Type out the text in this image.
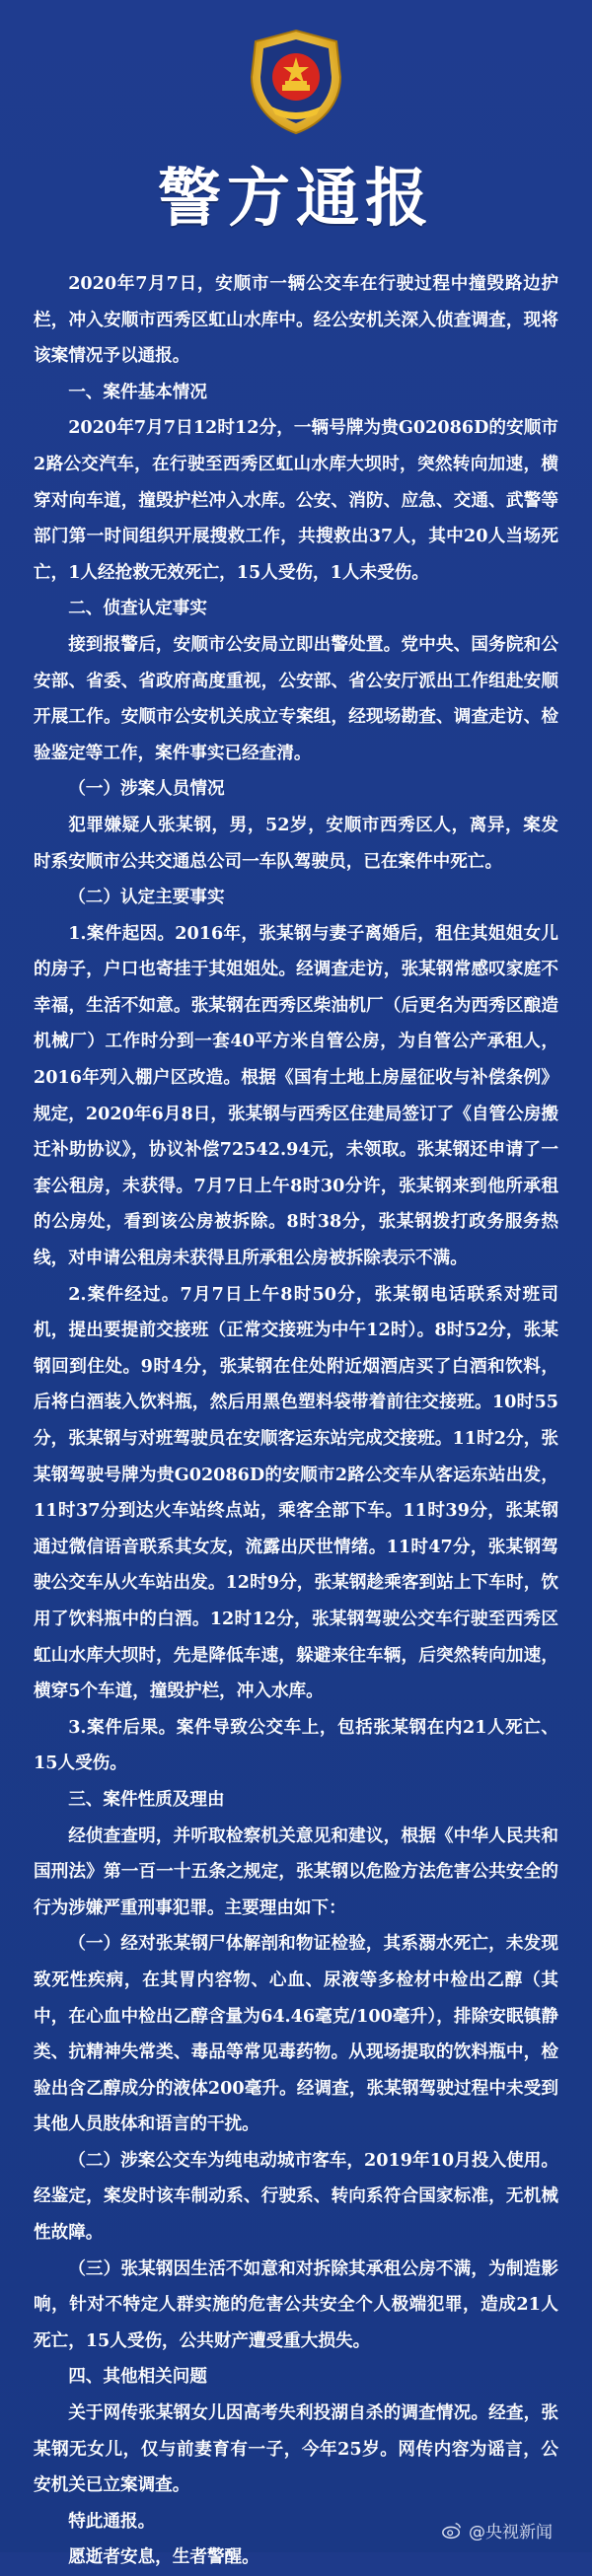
警方通报

2020年7月7日，安顺市一辆公交车在行驶过程中撞毁路边护栏，冲入安顺市西秀区虹山水库中。经公安机关深入侦查调查，现将该案情况予以通报。

一、案件基本情况

2020年7月7日12时12分，一辆号牌为贵G02086D的安顺市2路公交汽车，在行驶至西秀区虹山水库大坝时，突然转向加速，横穿对向车道，撞毁护栏冲入水库。公安、消防、应急、交通、武警等部门第一时间组织开展搜救工作，共搜救出37人，其中20人当场死亡，1人经抢救无效死亡，15人受伤，1人未受伤。

二、侦查认定事实

接到报警后，安顺市公安局立即出警处置。党中央、国务院和公安部、省委、省政府高度重视，公安部、省公安厅派出工作组赴安顺开展工作。安顺市公安机关成立专案组，经现场勘查、调查走访、检验鉴定等工作，案件事实已经查清。

（一）涉案人员情况

犯罪嫌疑人张某钢，男，52岁，安顺市西秀区人，离异，案发时系安顺市公共交通总公司一车队驾驶员，已在案件中死亡。

（二）认定主要事实

1.案件起因。2016年，张某钢与妻子离婚后，租住其姐姐女儿的房子，户口也寄挂于其姐姐处。经调查走访，张某钢常感叹家庭不幸福，生活不如意。张某钢在西秀区柴油机厂（后更名为西秀区酿造机械厂）工作时分到一套40平方米自管公房，为自管公产承租人，2016年列入棚户区改造。根据《国有土地上房屋征收与补偿条例》规定，2020年6月8日，张某钢与西秀区住建局签订了《自管公房搬迁补助协议》，协议补偿72542.94元，未领取。张某钢还申请了一套公租房，未获得。7月7日上午8时30分许，张某钢来到他所承租的公房处，看到该公房被拆除。8时38分，张某钢拨打政务服务热线，对申请公租房未获得且所承租公房被拆除表示不满。

2.案件经过。7月7日上午8时50分，张某钢电话联系对班司机，提出要提前交接班（正常交接班为中午12时）。8时52分，张某钢回到住处。9时4分，张某钢在住处附近烟酒店买了白酒和饮料，后将白酒装入饮料瓶，然后用黑色塑料袋带着前往交接班。10时55分，张某钢与对班驾驶员在安顺客运东站完成交接班。11时2分，张某钢驾驶号牌为贵G02086D的安顺市2路公交车从客运东站出发，11时37分到达火车站终点站，乘客全部下车。11时39分，张某钢通过微信语音联系其女友，流露出厌世情绪。11时47分，张某钢驾驶公交车从火车站出发。12时9分，张某钢趁乘客到站上下车时，饮用了饮料瓶中的白酒。12时12分，张某钢驾驶公交车行驶至西秀区虹山水库大坝时，先是降低车速，躲避来往车辆，后突然转向加速，横穿5个车道，撞毁护栏，冲入水库。

3.案件后果。案件导致公交车上，包括张某钢在内21人死亡、15人受伤。

三、案件性质及理由

经侦查查明，并听取检察机关意见和建议，根据《中华人民共和国刑法》第一百一十五条之规定，张某钢以危险方法危害公共安全的行为涉嫌严重刑事犯罪。主要理由如下：

（一）经对张某钢尸体解剖和物证检验，其系溺水死亡，未发现致死性疾病，在其胃内容物、心血、尿液等多检材中检出乙醇（其中，在心血中检出乙醇含量为64.46毫克/100毫升），排除安眠镇静类、抗精神失常类、毒品等常见毒药物。从现场提取的饮料瓶中，检验出含乙醇成分的液体200毫升。经调查，张某钢驾驶过程中未受到其他人员肢体和语言的干扰。

（二）涉案公交车为纯电动城市客车，2019年10月投入使用。经鉴定，案发时该车制动系、行驶系、转向系符合国家标准，无机械性故障。

（三）张某钢因生活不如意和对拆除其承租公房不满，为制造影响，针对不特定人群实施的危害公共安全个人极端犯罪，造成21人死亡，15人受伤，公共财产遭受重大损失。

四、其他相关问题

关于网传张某钢女儿因高考失利投湖自杀的调查情况。经查，张某钢无女儿，仅与前妻育有一子，今年25岁。网传内容为谣言，公安机关已立案调查。

特此通报。

愿逝者安息，生者警醒。

@央视新闻
